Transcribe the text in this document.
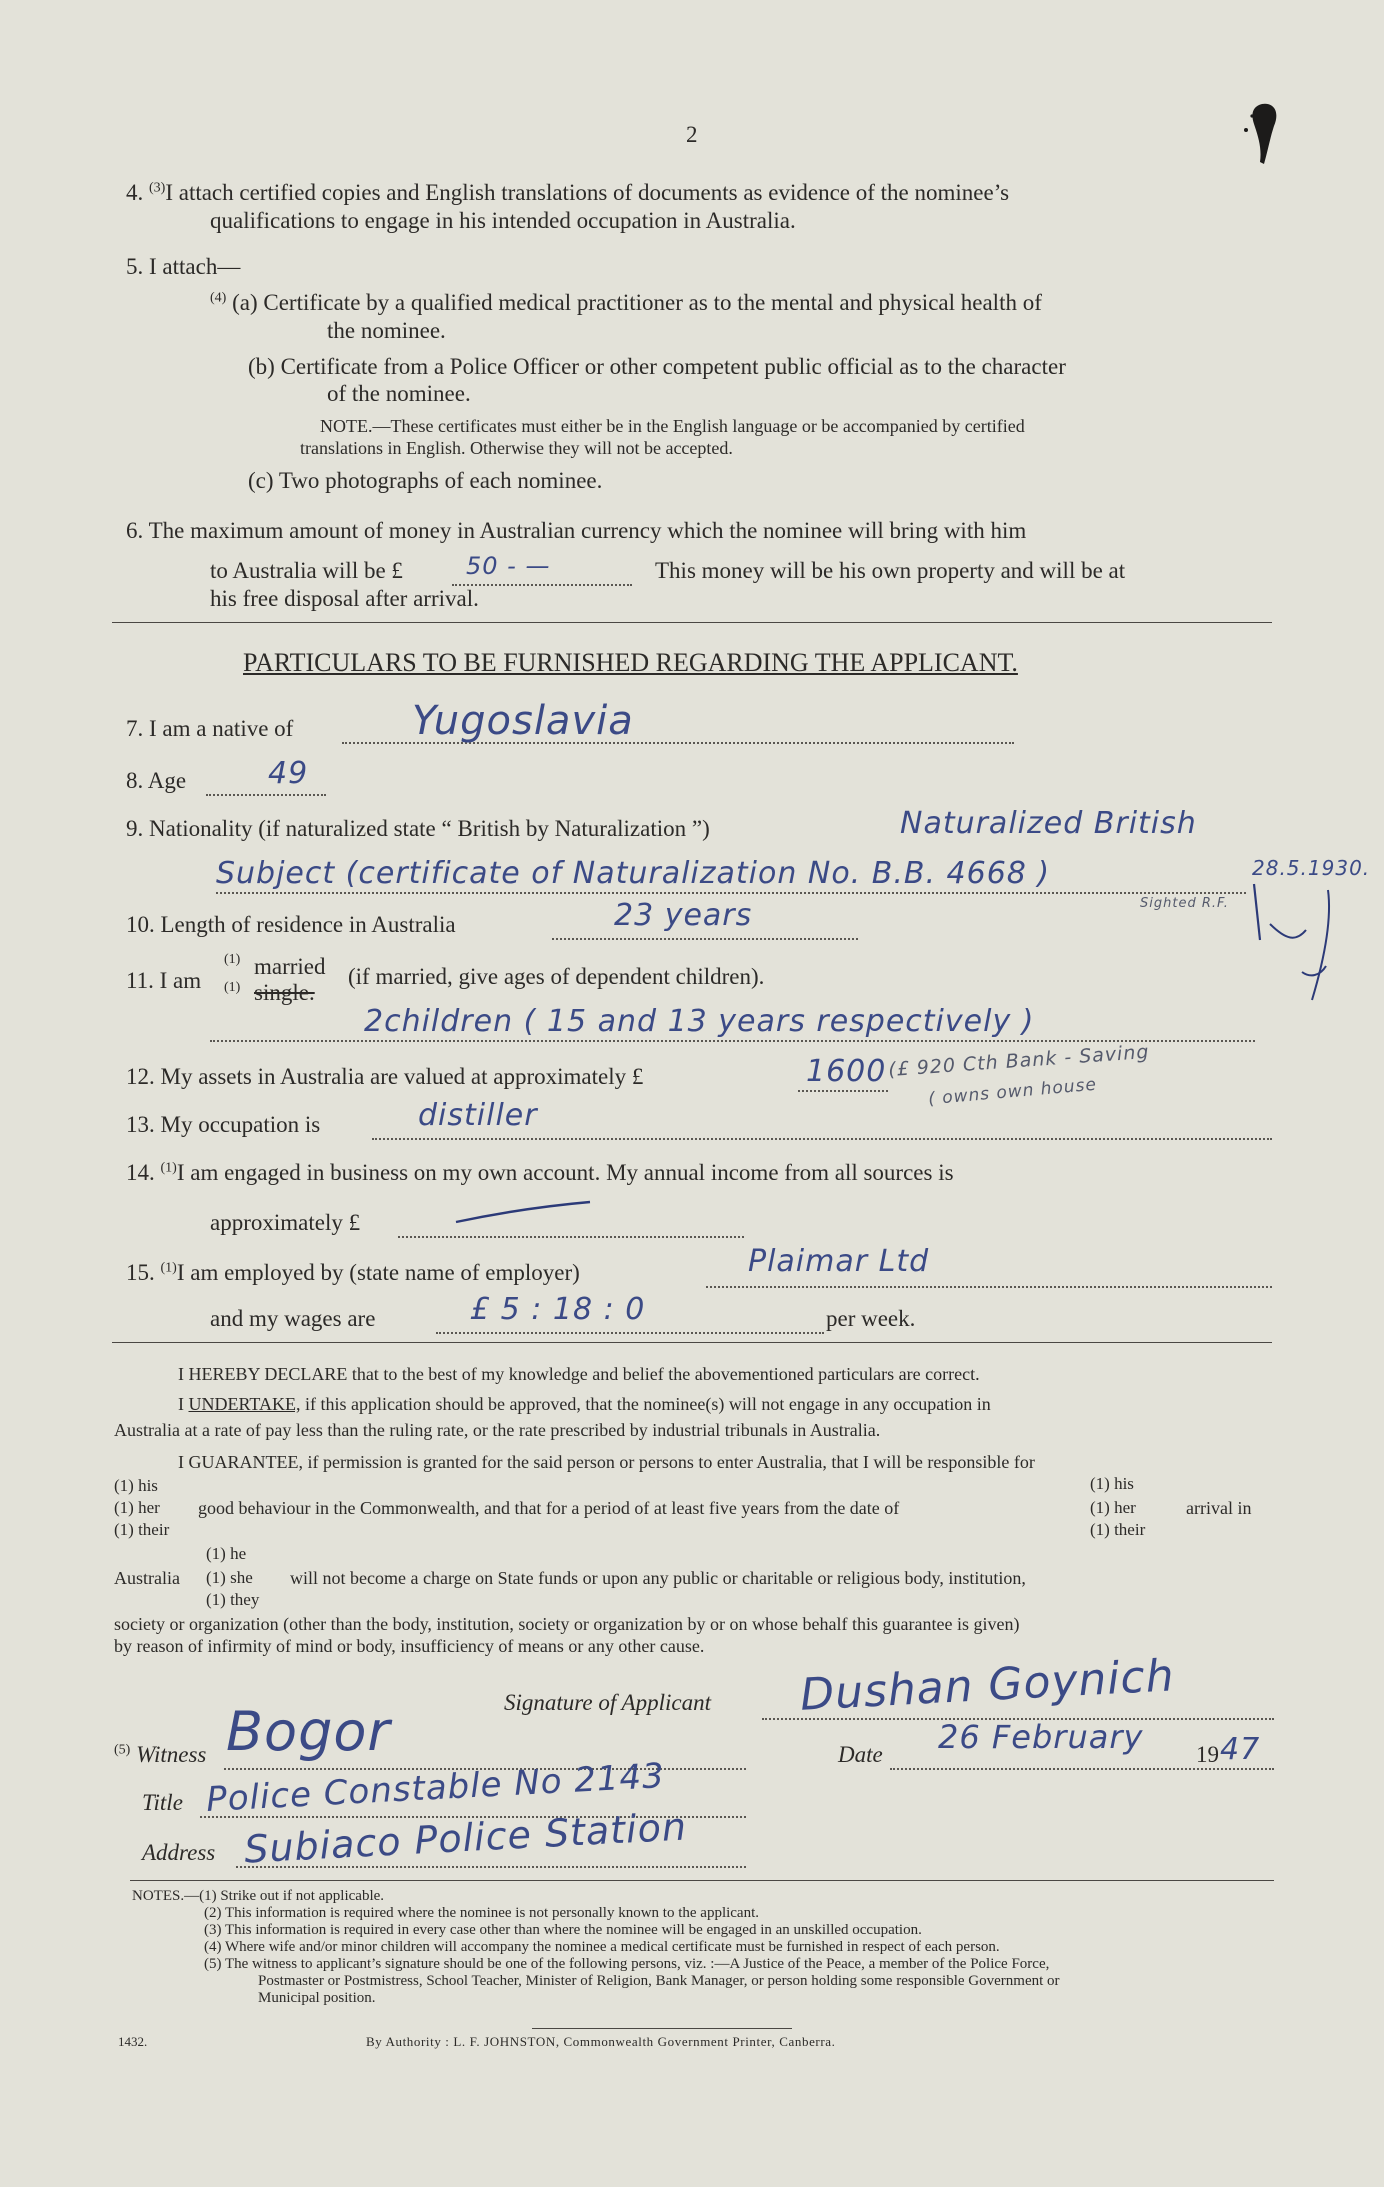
2
4. $^{(3)}$I attach certified copies and English translations of documents as evidence of the nominee’s
qualifications to engage in his intended occupation in Australia.
5. I attach—
$^{(4)}$ (a) Certificate by a qualified medical practitioner as to the mental and physical health of
the nominee.
(b) Certificate from a Police Officer or other competent public official as to the character
of the nominee.
NOTE.—These certificates must either be in the English language or be accompanied by certified
translations in English. Otherwise they will not be accepted.
(c) Two photographs of each nominee.
6. The maximum amount of money in Australian currency which the nominee will bring with him
to Australia will be £	50 - —	This money will be his own property and will be at
his free disposal after arrival.
PARTICULARS TO BE FURNISHED REGARDING THE APPLICANT.
7. I am a native of	Yugoslavia
8. Age	49
9. Nationality (if naturalized state “ British by Naturalization ”)	Naturalized British
Subject (certificate of Naturalization No. B.B. 4668 )	28.5.1930.
Sighted R.F.
10. Length of residence in Australia	23 years
11. I am
(1) married
(1) single.
(if married, give ages of dependent children).
2children ( 15 and 13 years respectively )
12. My assets in Australia are valued at approximately £	1600 (£ 920 Cth Bank - Saving
( owns own house
13. My occupation is	distiller
14. $^{(1)}$I am engaged in business on my own account. My annual income from all sources is
approximately £
15. $^{(1)}$I am employed by (state name of employer)	Plaimar Ltd
and my wages are	£ 5 : 18 : 0	per week.
I HEREBY DECLARE that to the best of my knowledge and belief the abovementioned particulars are correct.
I UNDERTAKE, if this application should be approved, that the nominee(s) will not engage in any occupation in
Australia at a rate of pay less than the ruling rate, or the rate prescribed by industrial tribunals in Australia.
I GUARANTEE, if permission is granted for the said person or persons to enter Australia, that I will be responsible for
(1) his
(1) her
(1) their
good behaviour in the Commonwealth, and that for a period of at least five years from the date of
(1) his
(1) her
(1) their
arrival in
(1) he
Australia (1) she
(1) they
will not become a charge on State funds or upon any public or charitable or religious body, institution,
society or organization (other than the body, institution, society or organization by or on whose behalf this guarantee is given)
by reason of infirmity of mind or body, insufficiency of means or any other cause.
Signature of Applicant Dushan Goynich
$^{(5)}$ Witness Bogor	Date 26 February 19 47
Title Police Constable No 2143
Address Subiaco Police Station
NOTES.—(1) Strike out if not applicable.
(2) This information is required where the nominee is not personally known to the applicant.
(3) This information is required in every case other than where the nominee will be engaged in an unskilled occupation.
(4) Where wife and/or minor children will accompany the nominee a medical certificate must be furnished in respect of each person.
(5) The witness to applicant’s signature should be one of the following persons, viz. :—A Justice of the Peace, a member of the Police Force,
Postmaster or Postmistress, School Teacher, Minister of Religion, Bank Manager, or person holding some responsible Government or
Municipal position.
1432.	By Authority : L. F. JOHNSTON, Commonwealth Government Printer, Canberra.
